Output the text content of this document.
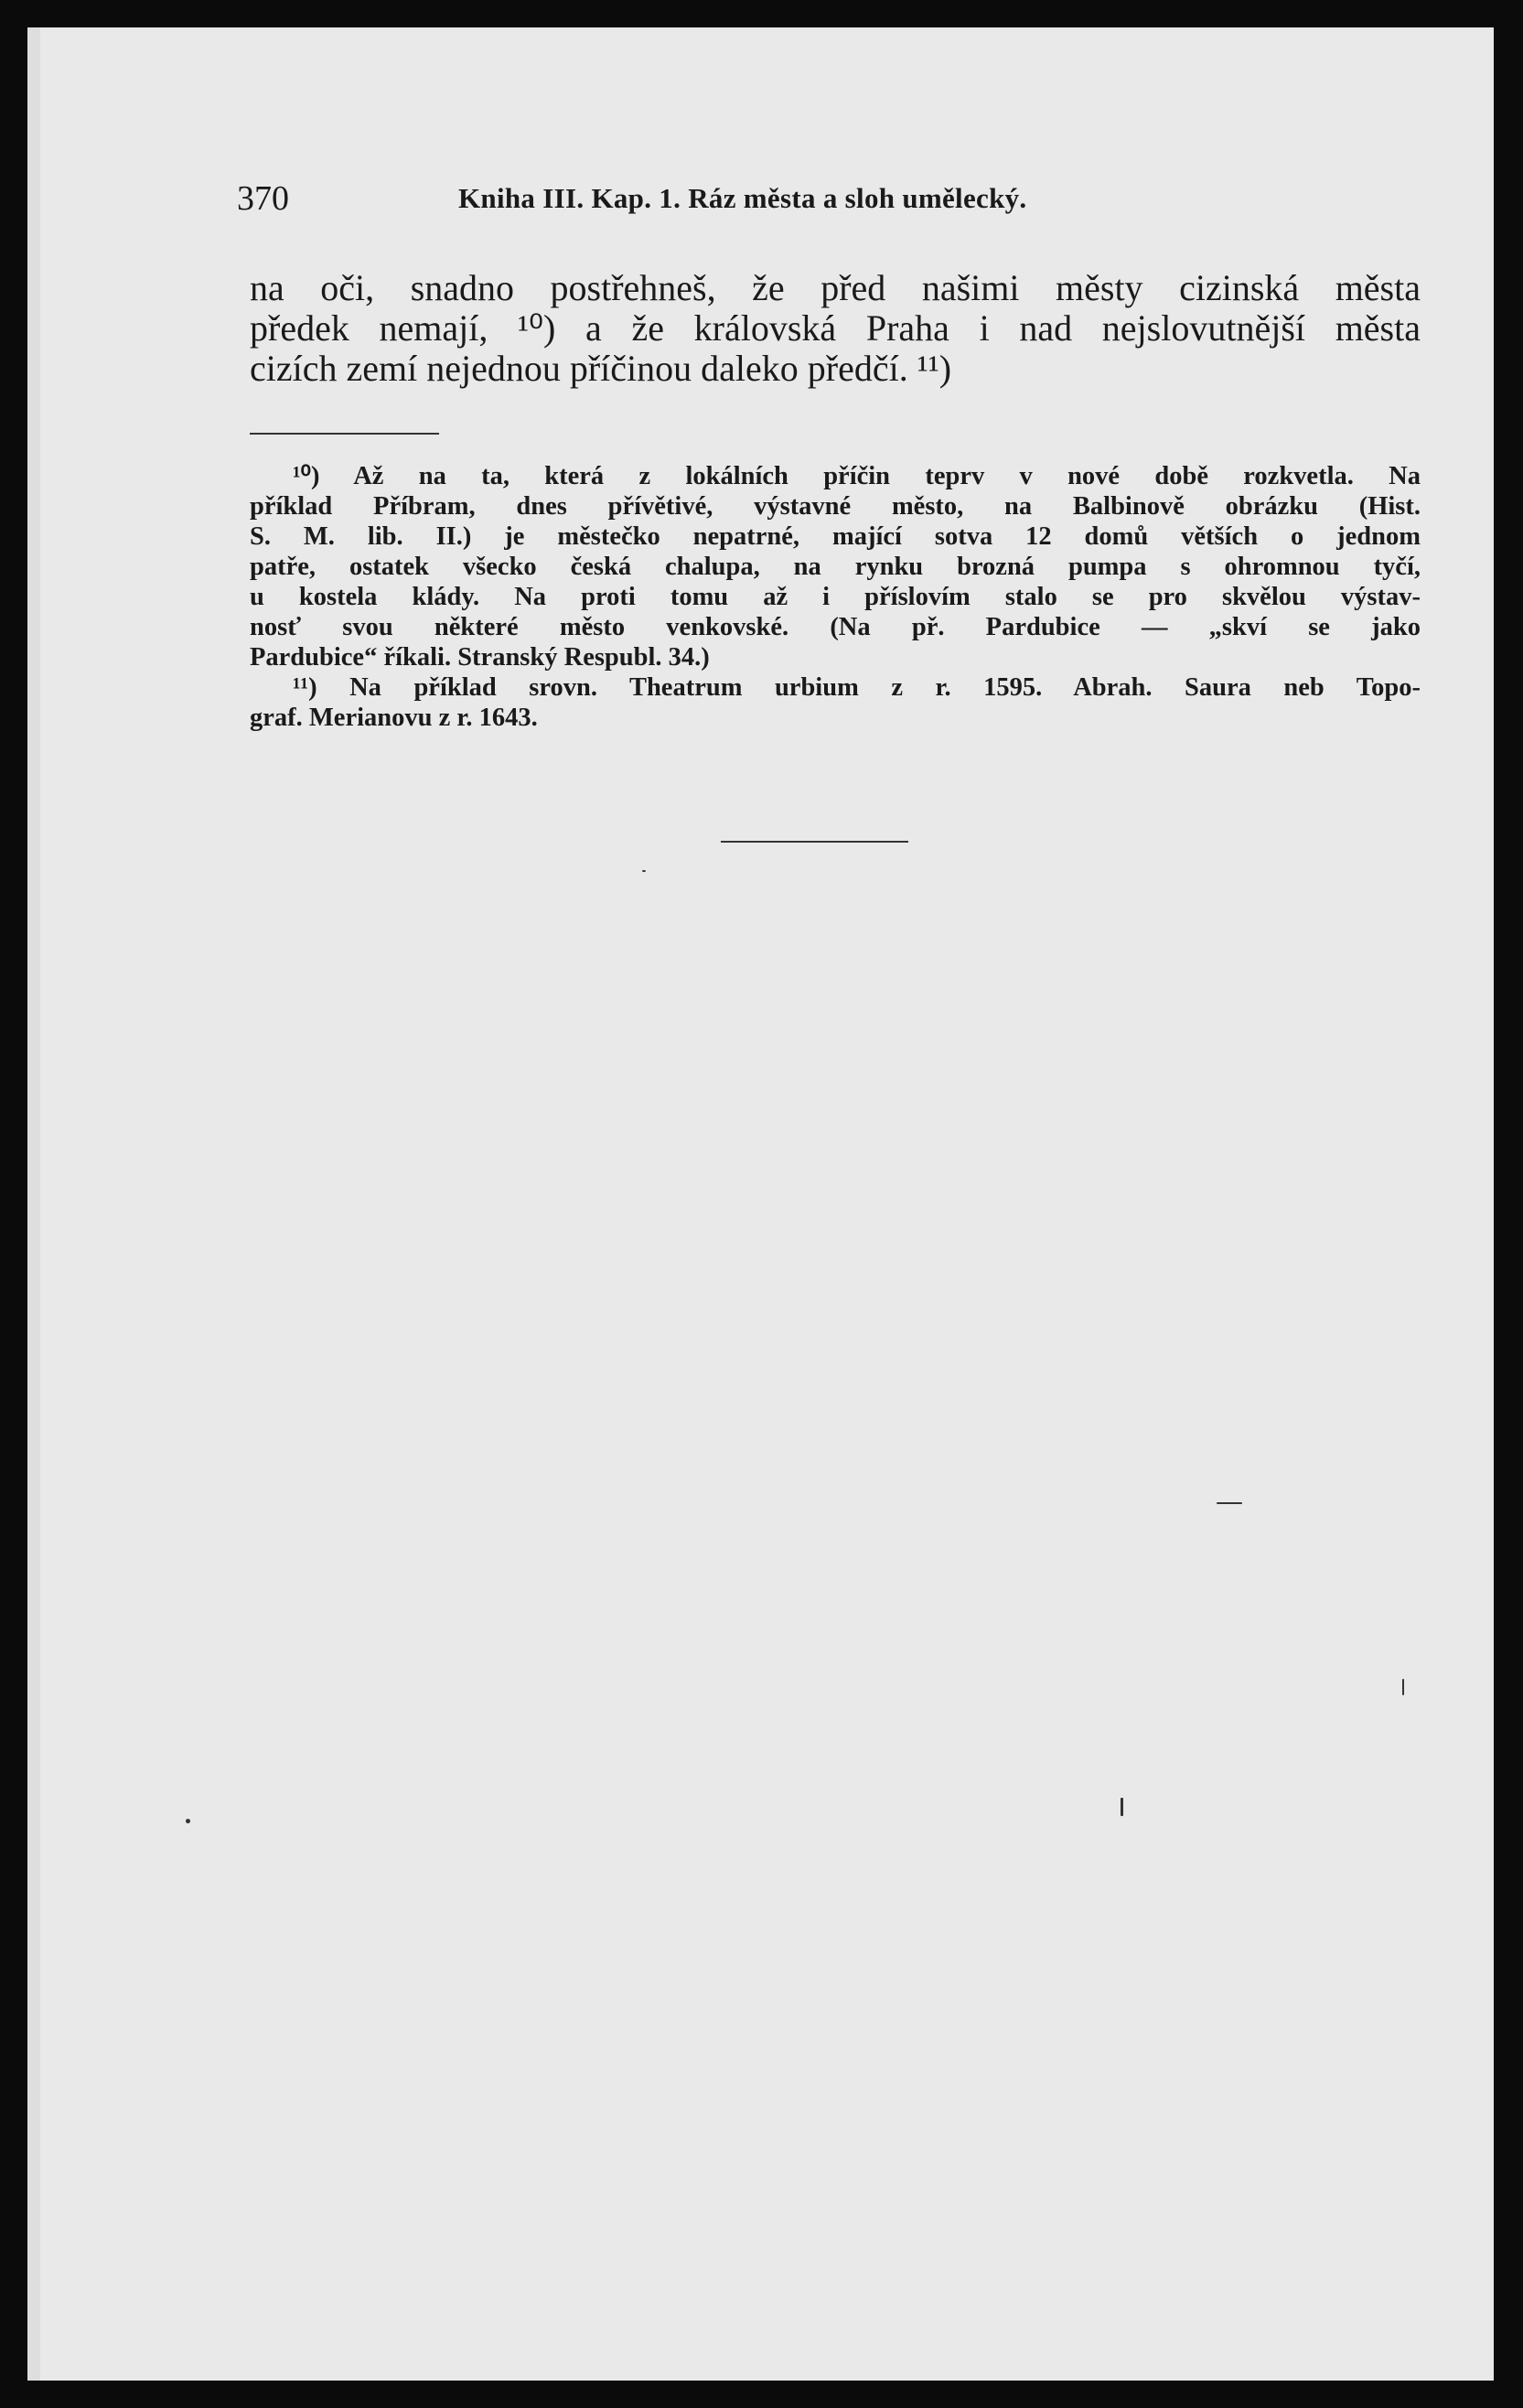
370	Kniha III. Kap. 1. Ráz města a sloh umělecký.
na oči, snadno postřehneš, že před našimi městy cizinská města
předek nemají, ¹⁰) a že královská Praha i nad nejslovutnější města
cizích zemí nejednou příčinou daleko předčí. ¹¹)
¹⁰) Až na ta, která z lokálních příčin teprv v nové době rozkvetla. Na
příklad Příbram, dnes přívětivé, výstavné město, na Balbinově obrázku (Hist.
S. M. lib. II.) je městečko nepatrné, mající sotva 12 domů větších o jednom
patře, ostatek všecko česká chalupa, na rynku brozná pumpa s ohromnou tyčí,
u kostela klády. Na proti tomu až i příslovím stalo se pro skvělou výstav-
nosť svou některé město venkovské. (Na př. Pardubice — „skví se jako
Pardubice“ říkali. Stranský Respubl. 34.)
¹¹) Na příklad srovn. Theatrum urbium z r. 1595. Abrah. Saura neb Topo-
graf. Merianovu z r. 1643.
